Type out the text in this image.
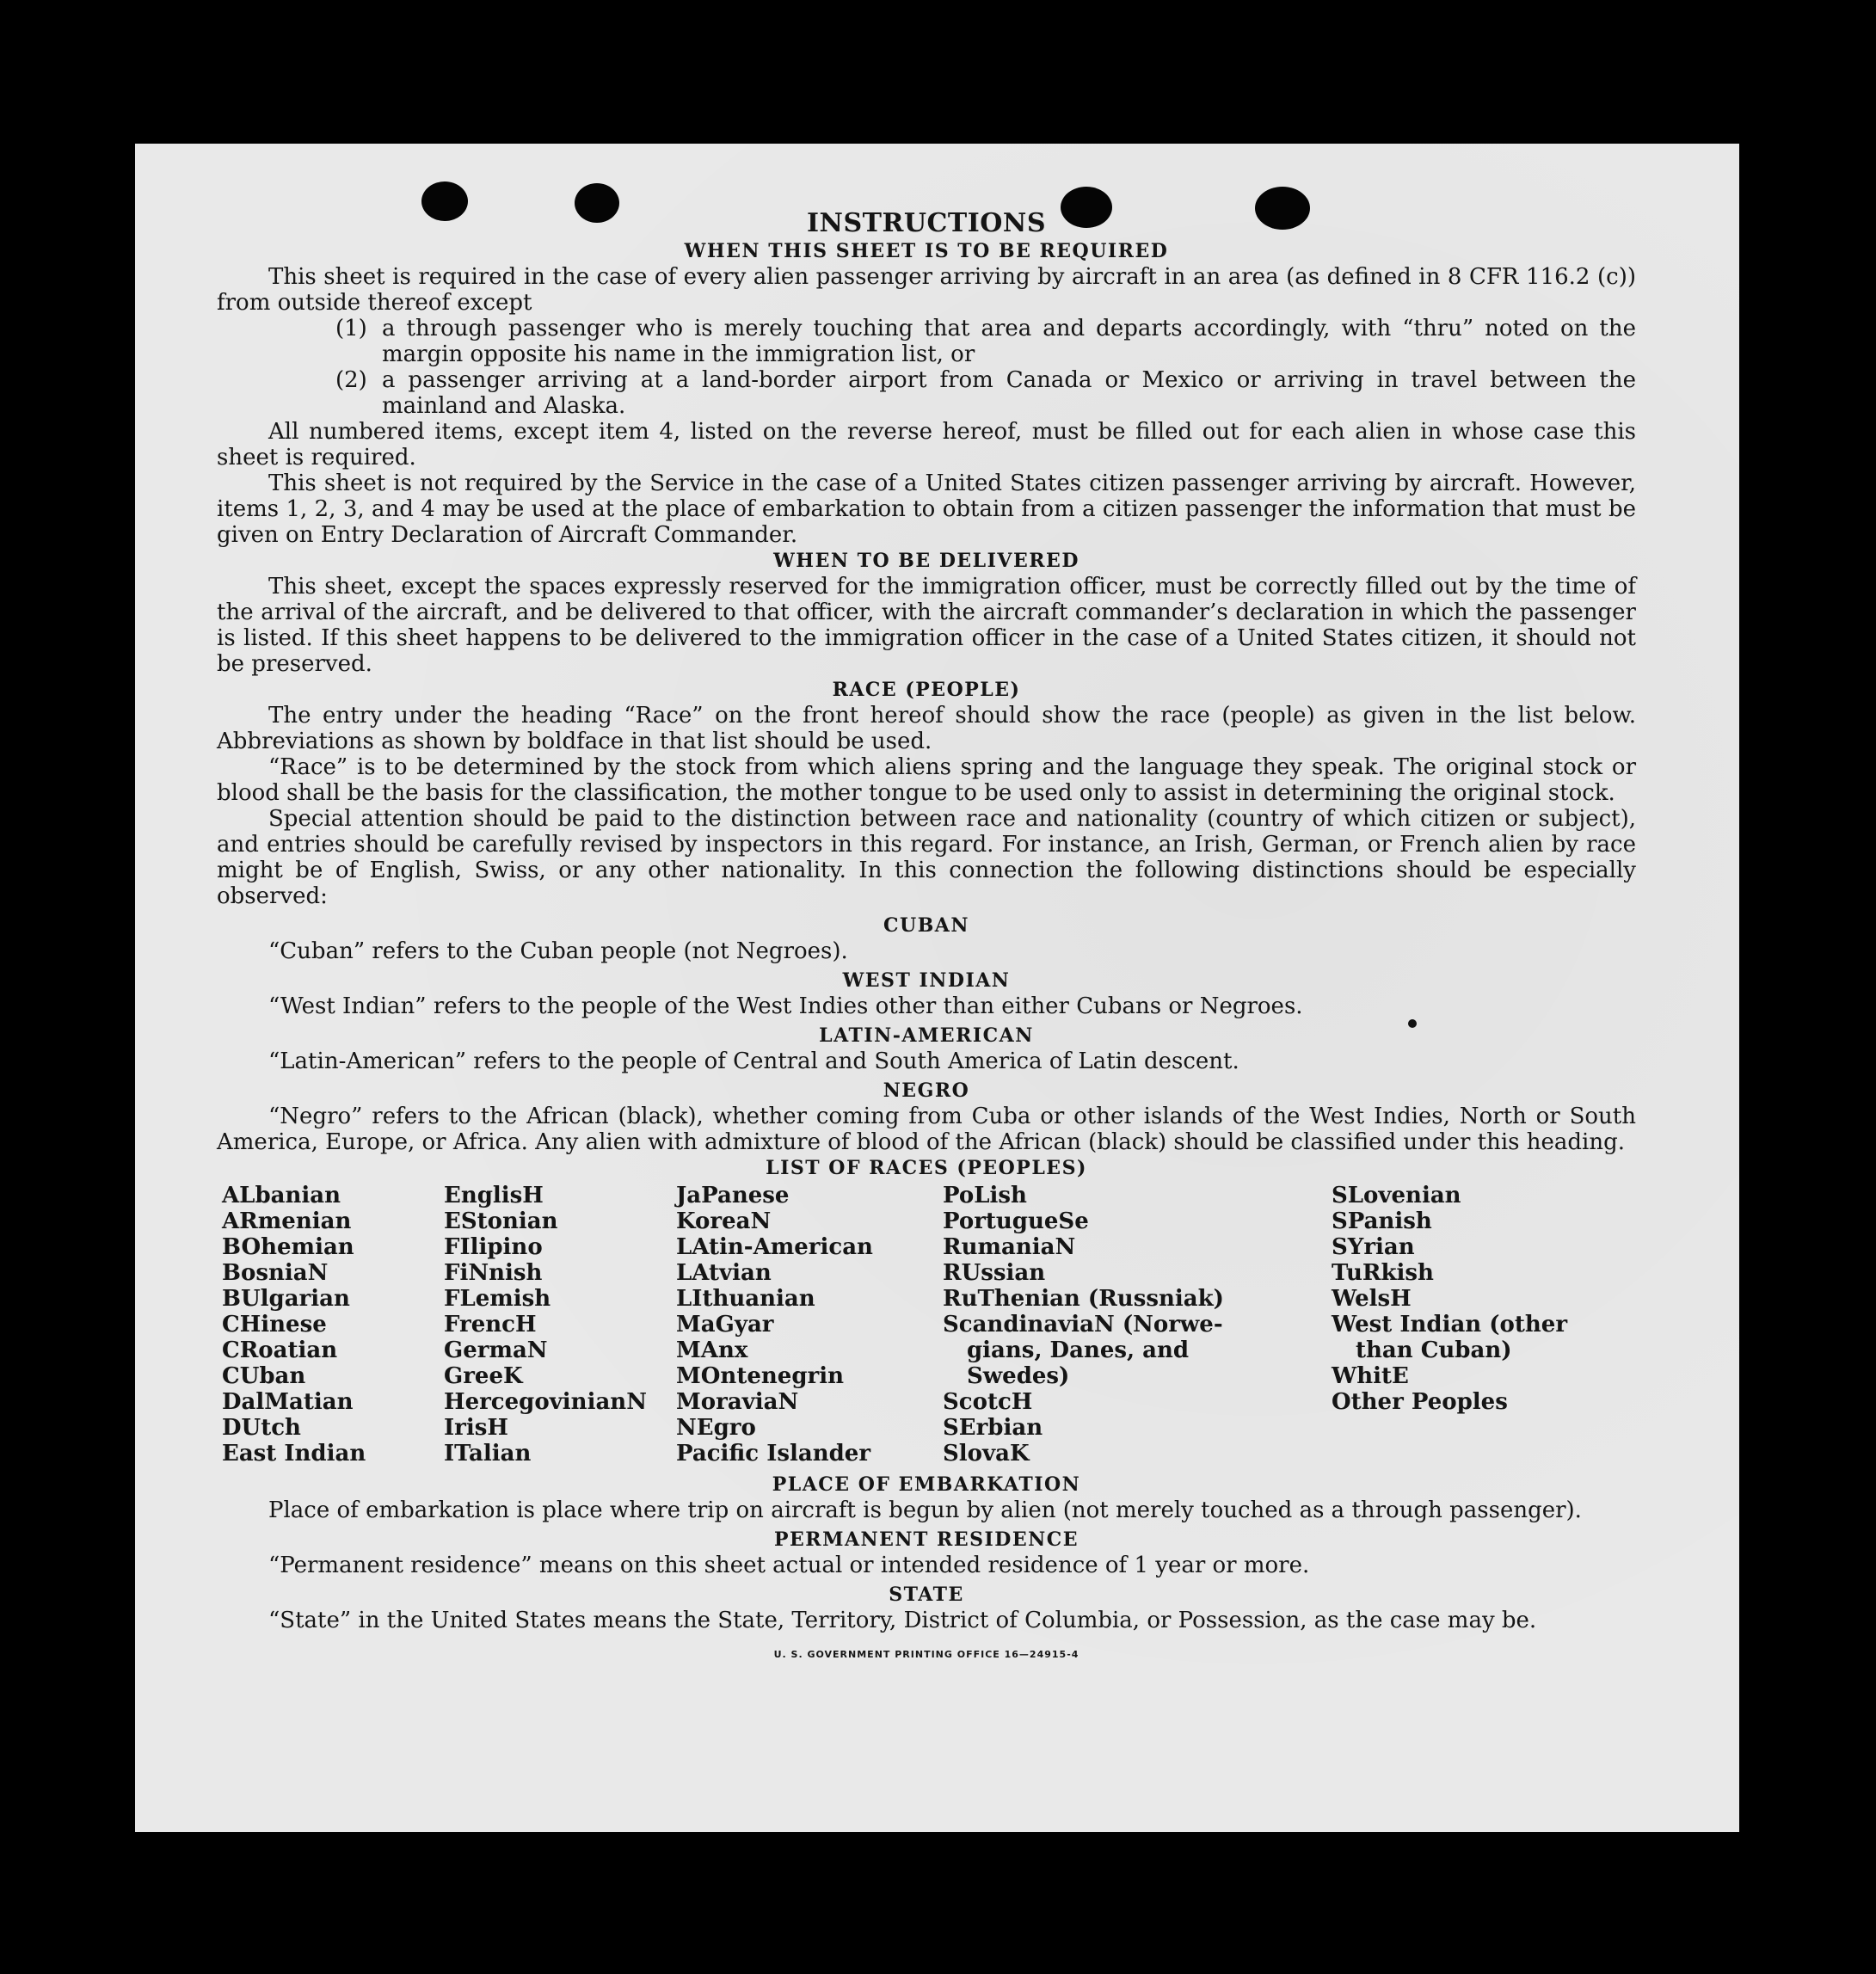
INSTRUCTIONS

WHEN THIS SHEET IS TO BE REQUIRED

This sheet is required in the case of every alien passenger arriving by aircraft in an area (as defined in 8 CFR 116.2 (c)) from outside thereof except

(1) a through passenger who is merely touching that area and departs accordingly, with “thru” noted on the margin opposite his name in the immigration list, or
(2) a passenger arriving at a land-border airport from Canada or Mexico or arriving in travel between the mainland and Alaska.

All numbered items, except item 4, listed on the reverse hereof, must be filled out for each alien in whose case this sheet is required.

This sheet is not required by the Service in the case of a United States citizen passenger arriving by aircraft. However, items 1, 2, 3, and 4 may be used at the place of embarkation to obtain from a citizen passenger the information that must be given on Entry Declaration of Aircraft Commander.

WHEN TO BE DELIVERED

This sheet, except the spaces expressly reserved for the immigration officer, must be correctly filled out by the time of the arrival of the aircraft, and be delivered to that officer, with the aircraft commander’s declaration in which the passenger is listed. If this sheet happens to be delivered to the immigration officer in the case of a United States citizen, it should not be preserved.

RACE (PEOPLE)

The entry under the heading “Race” on the front hereof should show the race (people) as given in the list below. Abbreviations as shown by boldface in that list should be used.

“Race” is to be determined by the stock from which aliens spring and the language they speak. The original stock or blood shall be the basis for the classification, the mother tongue to be used only to assist in determining the original stock.

Special attention should be paid to the distinction between race and nationality (country of which citizen or subject), and entries should be carefully revised by inspectors in this regard. For instance, an Irish, German, or French alien by race might be of English, Swiss, or any other nationality. In this connection the following distinctions should be especially observed:

CUBAN

“Cuban” refers to the Cuban people (not Negroes).

WEST INDIAN

“West Indian” refers to the people of the West Indies other than either Cubans or Negroes.

LATIN-AMERICAN

“Latin-American” refers to the people of Central and South America of Latin descent.

NEGRO

“Negro” refers to the African (black), whether coming from Cuba or other islands of the West Indies, North or South America, Europe, or Africa. Any alien with admixture of blood of the African (black) should be classified under this heading.

LIST OF RACES (PEOPLES)

ALbanian
ARmenian
BOhemian
BosniaN
BUlgarian
CHinese
CRoatian
CUban
DalMatian
DUtch
East Indian
EnglisH
EStonian
FIlipino
FiNnish
FLemish
FrencH
GermaN
GreeK
HercegovinianN
IrisH
ITalian
JaPanese
KoreaN
LAtin-American
LAtvian
LIthuanian
MaGyar
MAnx
MOntenegrin
MoraviaN
NEgro
Pacific Islander
PoLish
PortugueSe
RumaniaN
RUssian
RuThenian (Russniak)
ScandinaviaN (Norwe-
gians, Danes, and
Swedes)
ScotcH
SErbian
SlovaK
SLovenian
SPanish
SYrian
TuRkish
WelsH
West Indian (other
than Cuban)
WhitE
Other Peoples

PLACE OF EMBARKATION

Place of embarkation is place where trip on aircraft is begun by alien (not merely touched as a through passenger).

PERMANENT RESIDENCE

“Permanent residence” means on this sheet actual or intended residence of 1 year or more.

STATE

“State” in the United States means the State, Territory, District of Columbia, or Possession, as the case may be.

U. S. GOVERNMENT PRINTING OFFICE 16—24915-4
